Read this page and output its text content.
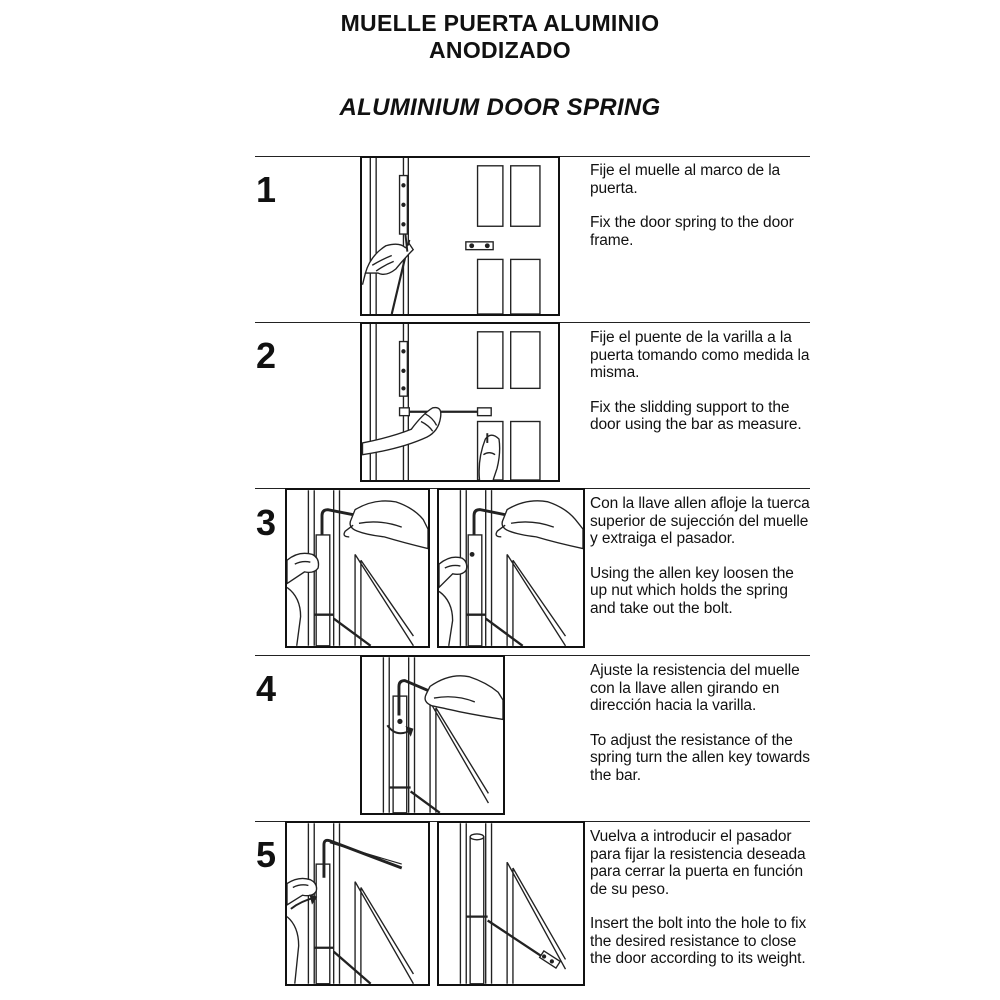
MUELLE PUERTA ALUMINIO
ANODIZADO
ALUMINIUM DOOR SPRING
1	Fije el muelle al marco de la puerta.

Fix the door spring to the door frame.

2	Fije el puente de la varilla a la puerta tomando como medida la misma.

Fix the slidding support to the door using the bar as measure.

3	Con la llave allen afloje la tuerca superior de sujección del muelle y extraiga el pasador.

Using the allen key loosen the up nut which holds the spring and take out the bolt.

4	Ajuste la resistencia del muelle con la llave allen girando en dirección hacia la varilla.

To adjust the resistance of the spring turn the allen key towards the bar.

5	Vuelva a introducir el pasador para fijar la resistencia deseada para cerrar la puerta en función de su peso.

Insert the bolt into the hole to fix the desired resistance to close the door according to its weight.
